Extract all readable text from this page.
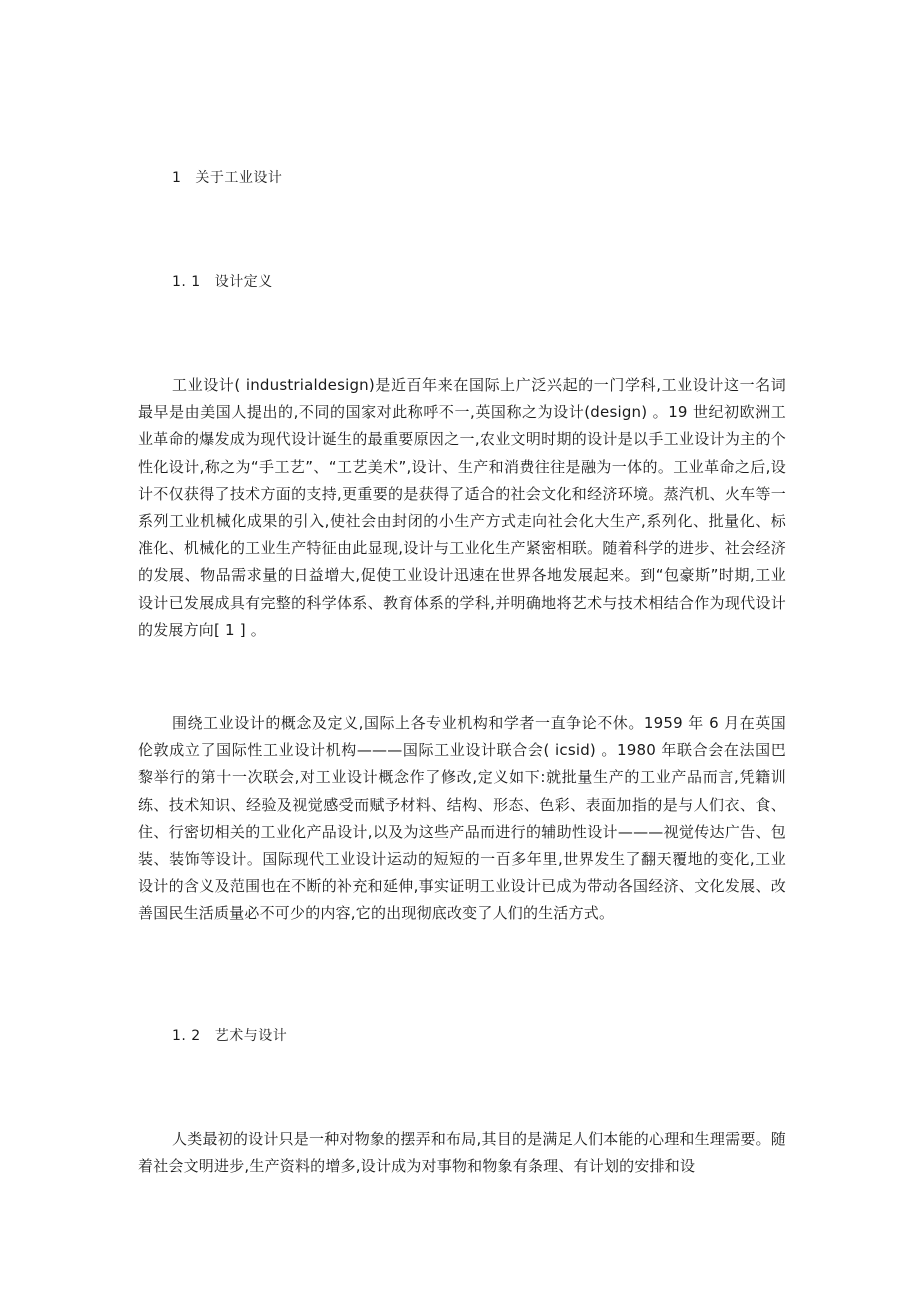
1 关于工业设计
1. 1 设计定义

工业设计( industrialdesign)是近百年来在国际上广泛兴起的一门学科,工业设计这一名词最早是由美国人提出的,不同的国家对此称呼不一,英国称之为设计(design) 。19 世纪初欧洲工业革命的爆发成为现代设计诞生的最重要原因之一,农业文明时期的设计是以手工业设计为主的个性化设计,称之为“手工艺”、“工艺美术”,设计、生产和消费往往是融为一体的。工业革命之后,设计不仅获得了技术方面的支持,更重要的是获得了适合的社会文化和经济环境。蒸汽机、火车等一系列工业机械化成果的引入,使社会由封闭的小生产方式走向社会化大生产,系列化、批量化、标准化、机械化的工业生产特征由此显现,设计与工业化生产紧密相联。随着科学的进步、社会经济的发展、物品需求量的日益增大,促使工业设计迅速在世界各地发展起来。到“包豪斯”时期,工业设计已发展成具有完整的科学体系、教育体系的学科,并明确地将艺术与技术相结合作为现代设计的发展方向[ 1 ] 。

围绕工业设计的概念及定义,国际上各专业机构和学者一直争论不休。1959 年 6 月在英国伦敦成立了国际性工业设计机构———国际工业设计联合会( icsid) 。1980 年联合会在法国巴黎举行的第十一次联会,对工业设计概念作了修改,定义如下:就批量生产的工业产品而言,凭籍训练、技术知识、经验及视觉感受而赋予材料、结构、形态、色彩、表面加指的是与人们衣、食、住、行密切相关的工业化产品设计,以及为这些产品而进行的辅助性设计———视觉传达广告、包装、装饰等设计。国际现代工业设计运动的短短的一百多年里,世界发生了翻天覆地的变化,工业设计的含义及范围也在不断的补充和延伸,事实证明工业设计已成为带动各国经济、文化发展、改善国民生活质量必不可少的内容,它的出现彻底改变了人们的生活方式。

1. 2 艺术与设计

人类最初的设计只是一种对物象的摆弄和布局,其目的是满足人们本能的心理和生理需要。随着社会文明进步,生产资料的增多,设计成为对事物和物象有条理、有计划的安排和设
